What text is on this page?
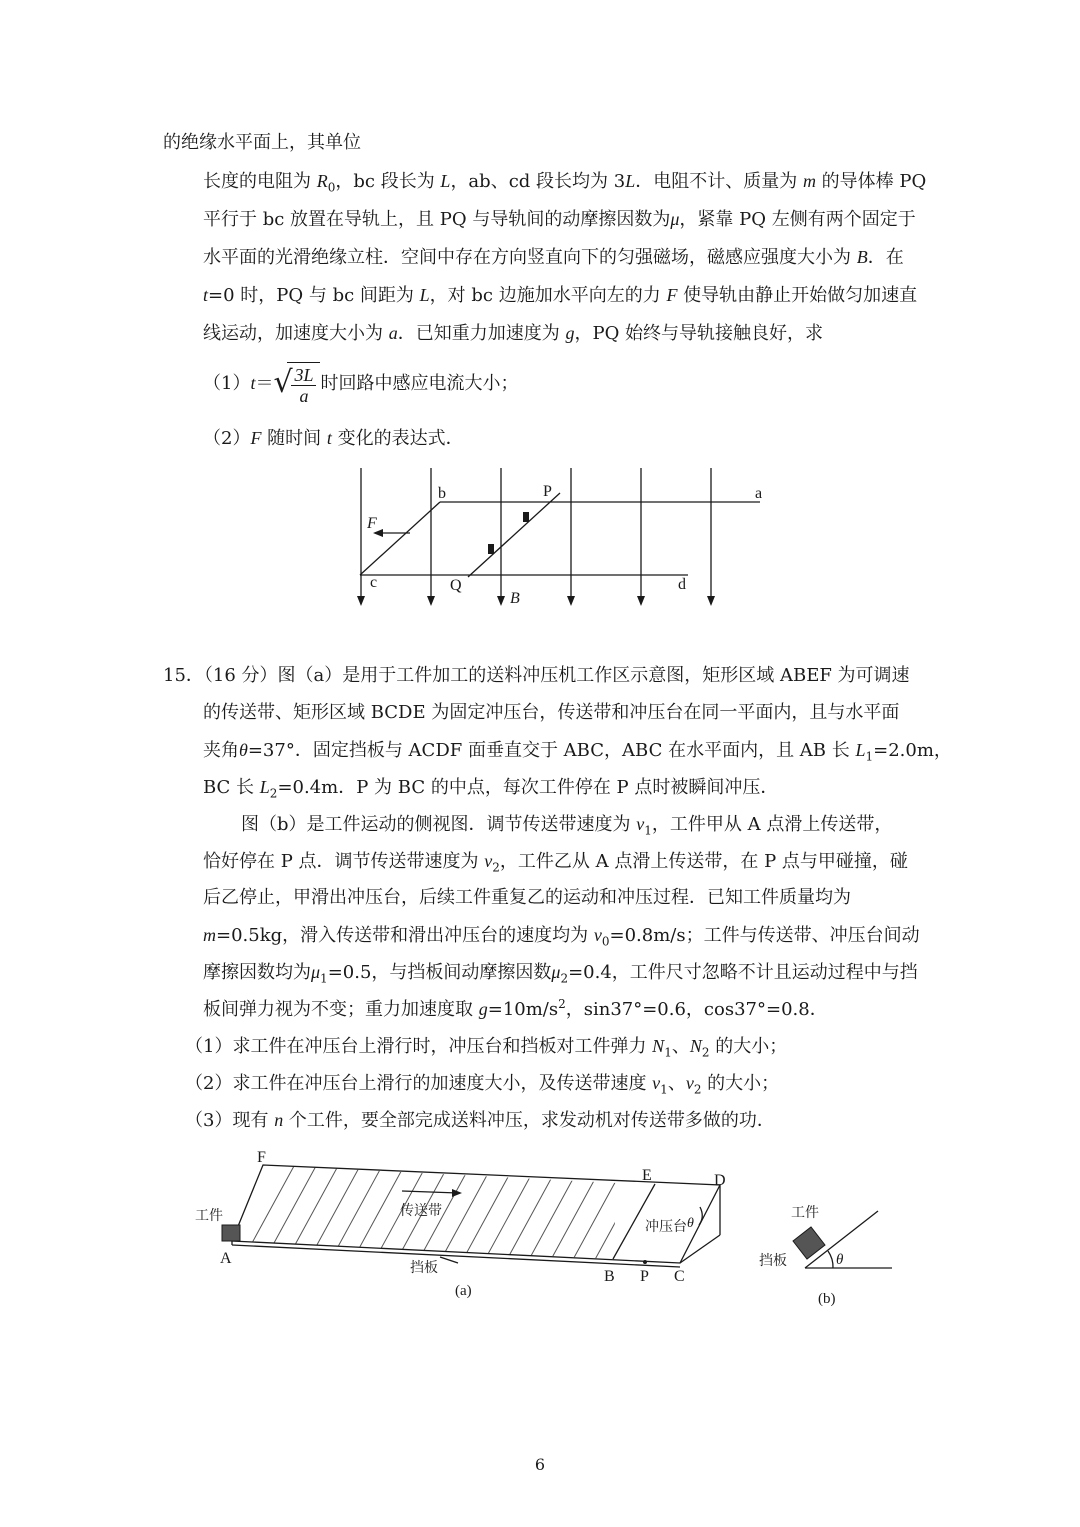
的绝缘水平面上，其单位
长度的电阻为 $R_0$，bc 段长为 L，ab、cd 段长均为 3L．电阻不计、质量为 m 的导体棒 PQ
平行于 bc 放置在导轨上，且 PQ 与导轨间的动摩擦因数为μ，紧靠 PQ 左侧有两个固定于
水平面的光滑绝缘立柱．空间中存在方向竖直向下的匀强磁场，磁感应强度大小为 B．在
t=0 时，PQ 与 bc 间距为 L，对 bc 边施加水平向左的力 F 使导轨由静止开始做匀加速直
线运动，加速度大小为 a．已知重力加速度为 g，PQ 始终与导轨接触良好，求
（1）t＝ √
$\frac{3L}{a}$ 时回路中感应电流大小；
（2）F 随时间 t 变化的表达式．
b	P	a
F
c	Q
B
d
15．（16 分）图（a）是用于工件加工的送料冲压机工作区示意图，矩形区域 ABEF 为可调速
的传送带、矩形区域 BCDE 为固定冲压台，传送带和冲压台在同一平面内，且与水平面
夹角θ=37°．固定挡板与 ACDF 面垂直交于 ABC，ABC 在水平面内，且 AB 长 $L_1=2.0m$，
BC 长 $L_2=0.4m$．P 为 BC 的中点，每次工件停在 P 点时被瞬间冲压．
图（b）是工件运动的侧视图．调节传送带速度为 $v_1$，工件甲从 A 点滑上传送带，
恰好停在 P 点．调节传送带速度为 $v_2$，工件乙从 A 点滑上传送带，在 P 点与甲碰撞，碰
后乙停止，甲滑出冲压台，后续工件重复乙的运动和冲压过程．已知工件质量均为
m=0.5kg，滑入传送带和滑出冲压台的速度均为 $v_0=0.8m/s$；工件与传送带、冲压台间动
摩擦因数均为$\mu_1=0.5$，与挡板间动摩擦因数$\mu_2=0.4$，工件尺寸忽略不计且运动过程中与挡
板间弹力视为不变；重力加速度取 $g=10m/s^2$，sin37°=0.6，cos37°=0.8．
（1）求工件在冲压台上滑行时，冲压台和挡板对工件弹力 $N_1$、$N_2$ 的大小；
（2）求工件在冲压台上滑行的加速度大小，及传送带速度 $v_1$、$v_2$ 的大小；
（3）现有 n 个工件，要全部完成送料冲压，求发动机对传送带多做的功．
F
E	D
A
B P C
θ
(a)
工件	传送带
冲压台
挡板
θ
(b)
工件
挡板
6
